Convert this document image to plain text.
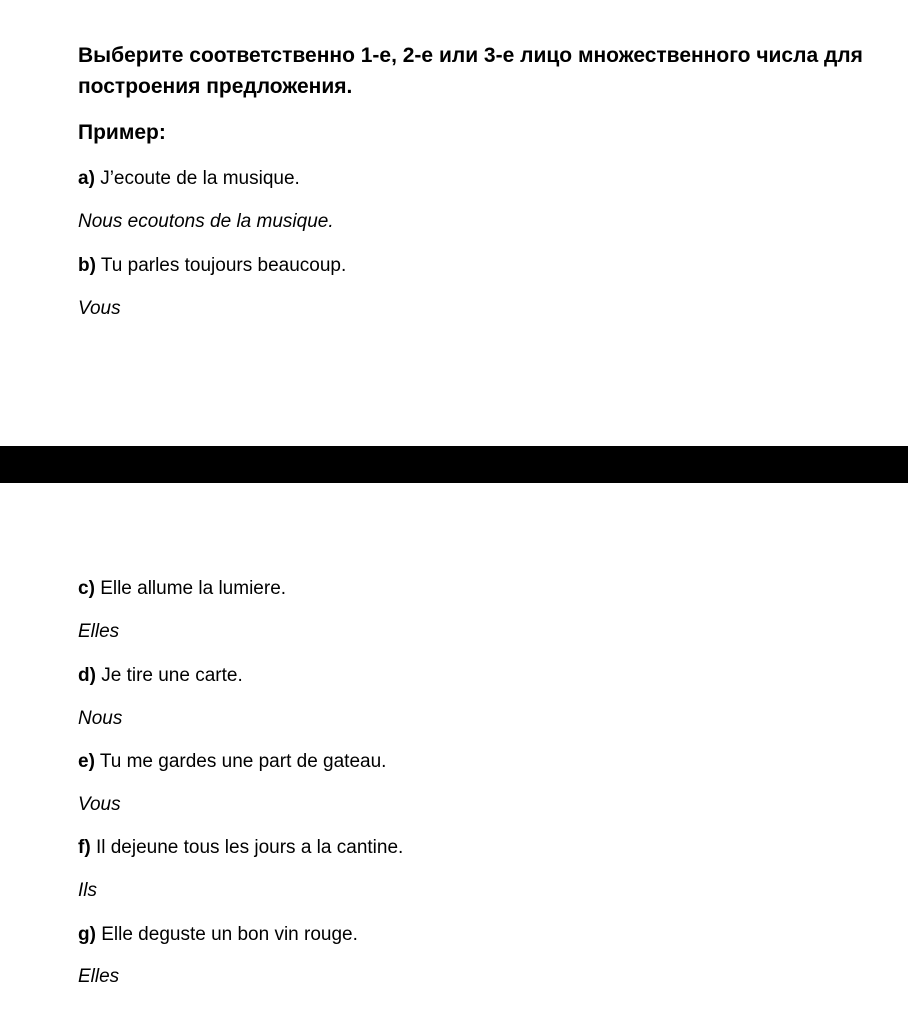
Выберите соответственно 1-е, 2-е или 3-е лицо множественного числа для построения предложения.

Пример:

a) J’ecoute de la musique.

Nous ecoutons de la musique.

b) Tu parles toujours beaucoup.

Vous

c) Elle allume la lumiere.

Elles

d) Je tire une carte.

Nous

e) Tu me gardes une part de gateau.

Vous

f) Il dejeune tous les jours a la cantine.

Ils

g) Elle deguste un bon vin rouge.

Elles
